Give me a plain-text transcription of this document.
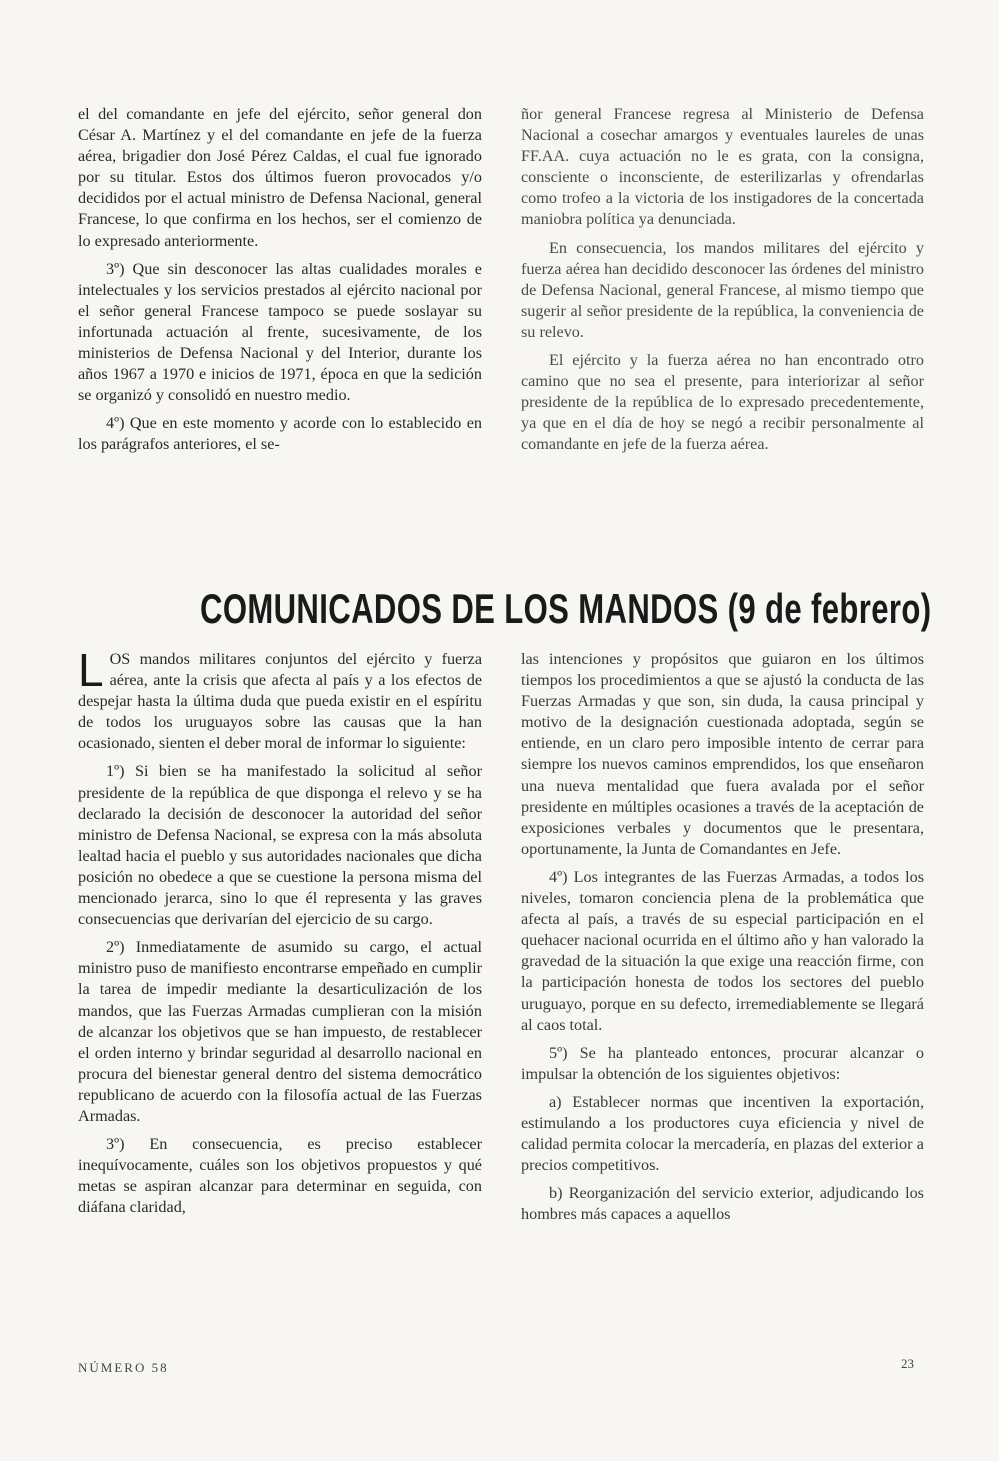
el del comandante en jefe del ejército, señor general don César A. Martínez y el del comandante en jefe de la fuerza aérea, brigadier don José Pérez Caldas, el cual fue ignorado por su titular. Estos dos últimos fueron provocados y/o decididos por el actual ministro de Defensa Nacional, general Francese, lo que confirma en los hechos, ser el comienzo de lo expresado anteriormente.

3º) Que sin desconocer las altas cualidades morales e intelectuales y los servicios prestados al ejército nacional por el señor general Francese tampoco se puede soslayar su infortunada actuación al frente, sucesivamente, de los ministerios de Defensa Nacional y del Interior, durante los años 1967 a 1970 e inicios de 1971, época en que la sedición se organizó y consolidó en nuestro medio.

4º) Que en este momento y acorde con lo establecido en los parágrafos anteriores, el se-

ñor general Francese regresa al Ministerio de Defensa Nacional a cosechar amargos y eventuales laureles de unas FF.AA. cuya actuación no le es grata, con la consigna, consciente o inconsciente, de esterilizarlas y ofrendarlas como trofeo a la victoria de los instigadores de la concertada maniobra política ya denunciada.

En consecuencia, los mandos militares del ejército y fuerza aérea han decidido desconocer las órdenes del ministro de Defensa Nacional, general Francese, al mismo tiempo que sugerir al señor presidente de la república, la conveniencia de su relevo.

El ejército y la fuerza aérea no han encontrado otro camino que no sea el presente, para interiorizar al señor presidente de la república de lo expresado precedentemente, ya que en el día de hoy se negó a recibir personalmente al comandante en jefe de la fuerza aérea.

COMUNICADOS DE LOS MANDOS (9 de febrero)

LOS mandos militares conjuntos del ejército y fuerza aérea, ante la crisis que afecta al país y a los efectos de despejar hasta la última duda que pueda existir en el espíritu de todos los uruguayos sobre las causas que la han ocasionado, sienten el deber moral de informar lo siguiente:

1º) Si bien se ha manifestado la solicitud al señor presidente de la república de que disponga el relevo y se ha declarado la decisión de desconocer la autoridad del señor ministro de Defensa Nacional, se expresa con la más absoluta lealtad hacia el pueblo y sus autoridades nacionales que dicha posición no obedece a que se cuestione la persona misma del mencionado jerarca, sino lo que él representa y las graves consecuencias que derivarían del ejercicio de su cargo.

2º) Inmediatamente de asumido su cargo, el actual ministro puso de manifiesto encontrarse empeñado en cumplir la tarea de impedir mediante la desarticulización de los mandos, que las Fuerzas Armadas cumplieran con la misión de alcanzar los objetivos que se han impuesto, de restablecer el orden interno y brindar seguridad al desarrollo nacional en procura del bienestar general dentro del sistema democrático republicano de acuerdo con la filosofía actual de las Fuerzas Armadas.

3º) En consecuencia, es preciso establecer inequívocamente, cuáles son los objetivos propuestos y qué metas se aspiran alcanzar para determinar en seguida, con diáfana claridad,

las intenciones y propósitos que guiaron en los últimos tiempos los procedimientos a que se ajustó la conducta de las Fuerzas Armadas y que son, sin duda, la causa principal y motivo de la designación cuestionada adoptada, según se entiende, en un claro pero imposible intento de cerrar para siempre los nuevos caminos emprendidos, los que enseñaron una nueva mentalidad que fuera avalada por el señor presidente en múltiples ocasiones a través de la aceptación de exposiciones verbales y documentos que le presentara, oportunamente, la Junta de Comandantes en Jefe.

4º) Los integrantes de las Fuerzas Armadas, a todos los niveles, tomaron conciencia plena de la problemática que afecta al país, a través de su especial participación en el quehacer nacional ocurrida en el último año y han valorado la gravedad de la situación la que exige una reacción firme, con la participación honesta de todos los sectores del pueblo uruguayo, porque en su defecto, irremediablemente se llegará al caos total.

5º) Se ha planteado entonces, procurar alcanzar o impulsar la obtención de los siguientes objetivos:

a) Establecer normas que incentiven la exportación, estimulando a los productores cuya eficiencia y nivel de calidad permita colocar la mercadería, en plazas del exterior a precios competitivos.

b) Reorganización del servicio exterior, adjudicando los hombres más capaces a aquellos

NÚMERO 58	23
